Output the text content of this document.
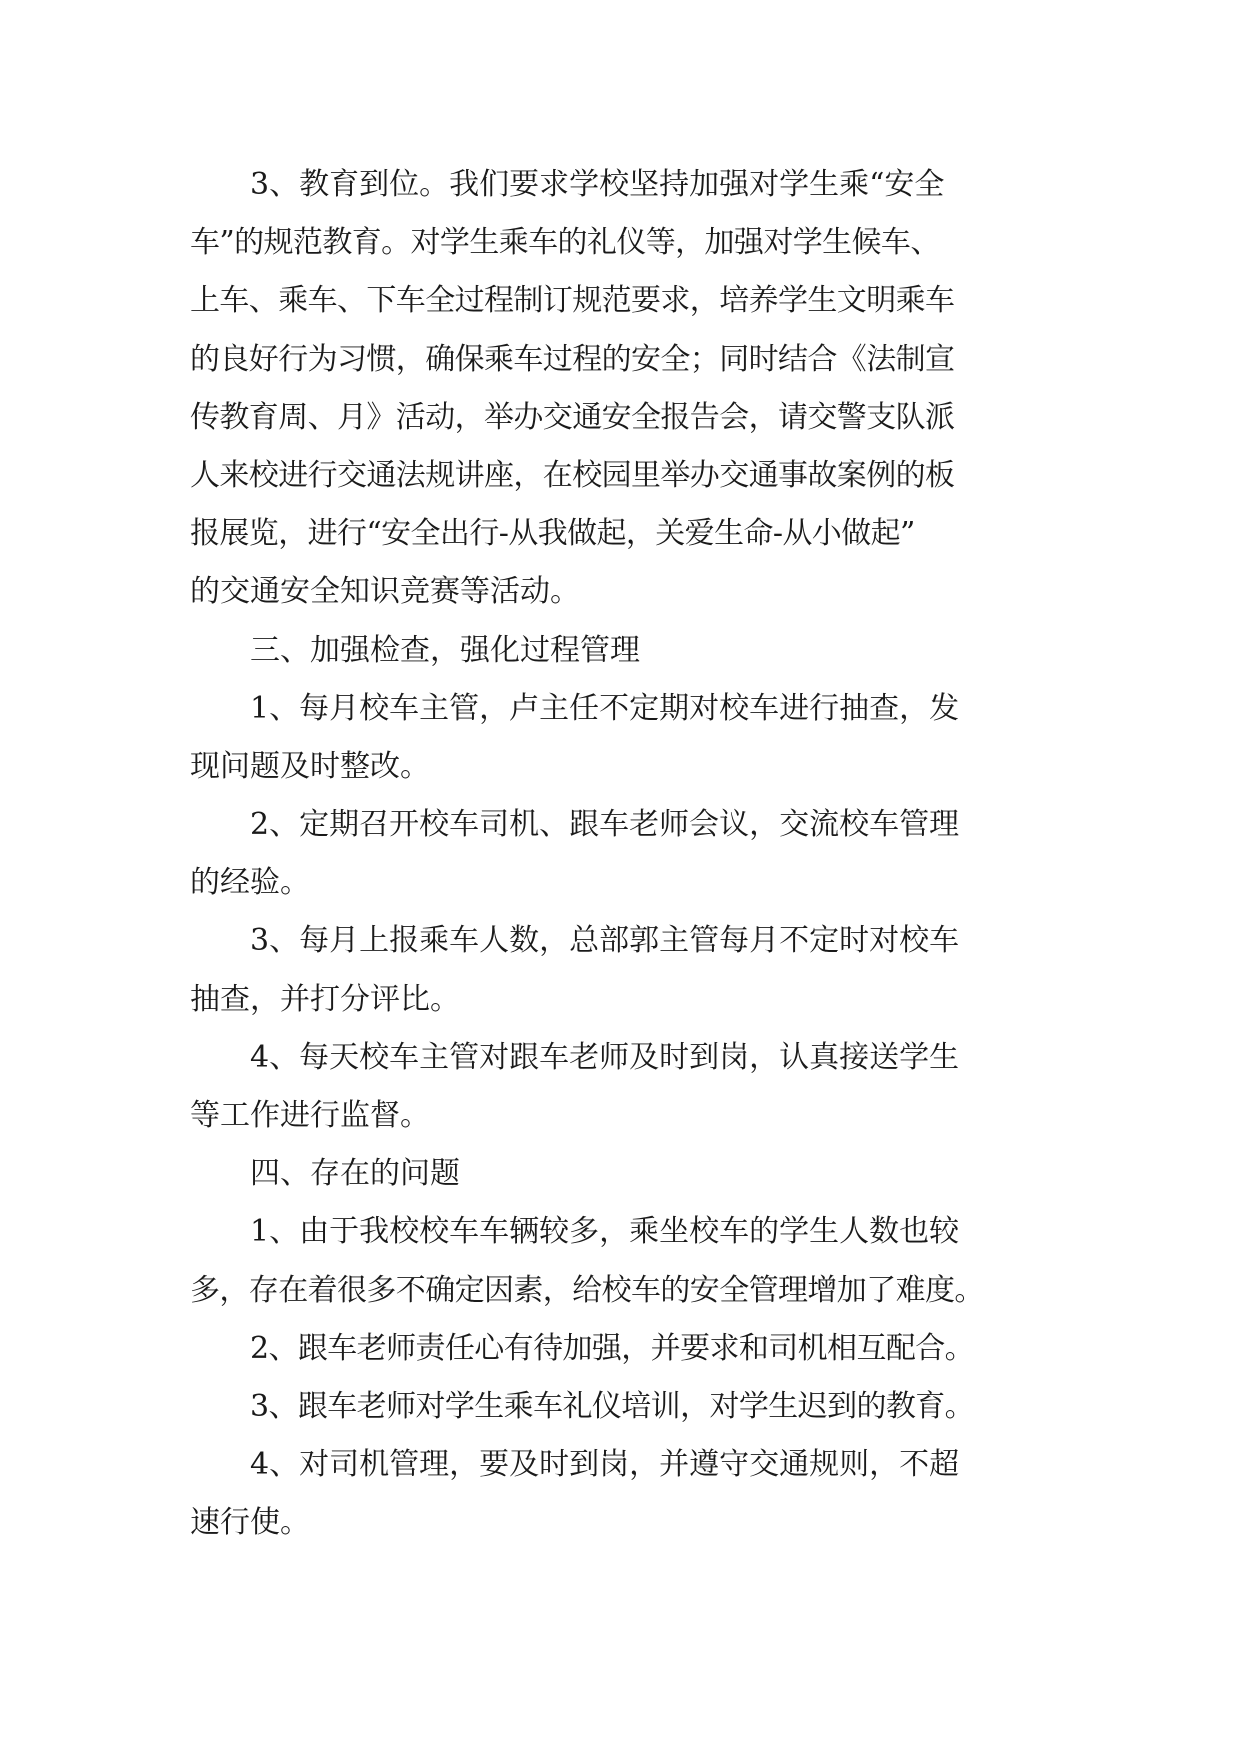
3、教育到位。我们要求学校坚持加强对学生乘“安全
车”的规范教育。对学生乘车的礼仪等，加强对学生候车、
上车、乘车、下车全过程制订规范要求，培养学生文明乘车
的良好行为习惯，确保乘车过程的安全；同时结合《法制宣
传教育周、月》活动，举办交通安全报告会，请交警支队派
人来校进行交通法规讲座，在校园里举办交通事故案例的板
报展览，进行“安全出行-从我做起，关爱生命-从小做起”
的交通安全知识竞赛等活动。
三、加强检查，强化过程管理
1、每月校车主管，卢主任不定期对校车进行抽查，发
现问题及时整改。
2、定期召开校车司机、跟车老师会议，交流校车管理
的经验。
3、每月上报乘车人数，总部郭主管每月不定时对校车
抽查，并打分评比。
4、每天校车主管对跟车老师及时到岗，认真接送学生
等工作进行监督。
四、存在的问题
1、由于我校校车车辆较多，乘坐校车的学生人数也较
多，存在着很多不确定因素，给校车的安全管理增加了难度。
2、跟车老师责任心有待加强，并要求和司机相互配合。
3、跟车老师对学生乘车礼仪培训，对学生迟到的教育。
4、对司机管理，要及时到岗，并遵守交通规则，不超
速行使。
